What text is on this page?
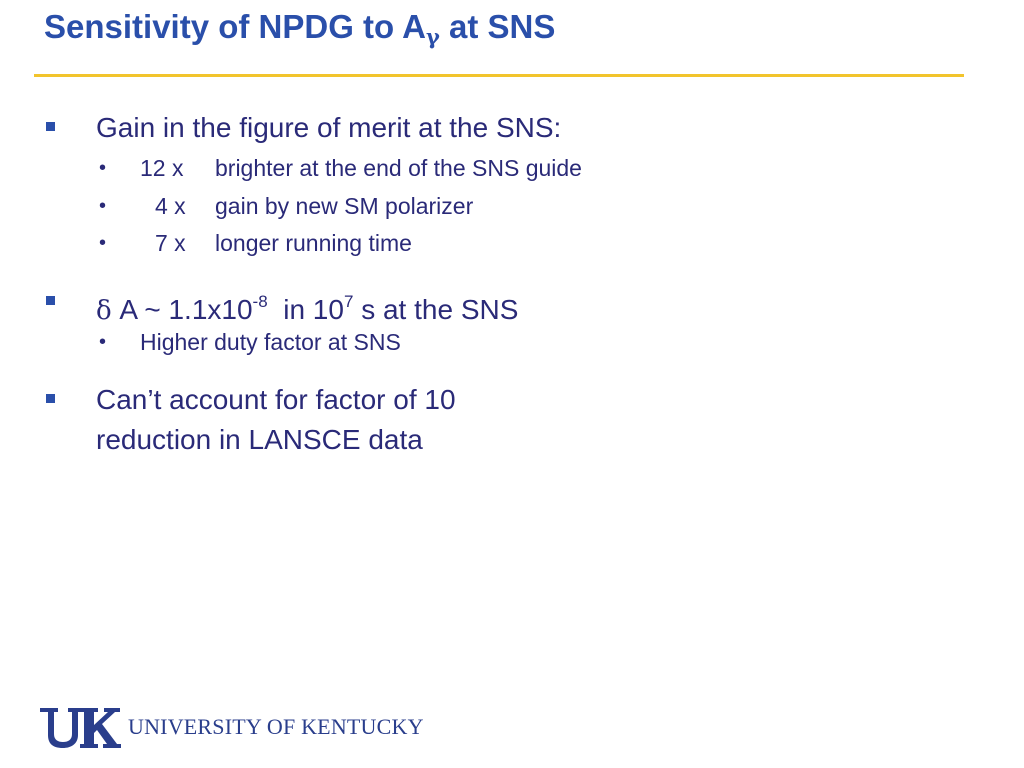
Sensitivity of NPDG to $A_\gamma$ at SNS
Gain in the figure of merit at the SNS:
• 12 x brighter at the end of the SNS guide
• 4 x gain by new SM polarizer
• 7 x longer running time
δ A ~ $1.1x10^{-8}$  in $10^7$ s at the SNS
• Higher duty factor at SNS
Can’t account for factor of 10
reduction in LANSCE data
UNIVERSITY OF KENTUCKY
